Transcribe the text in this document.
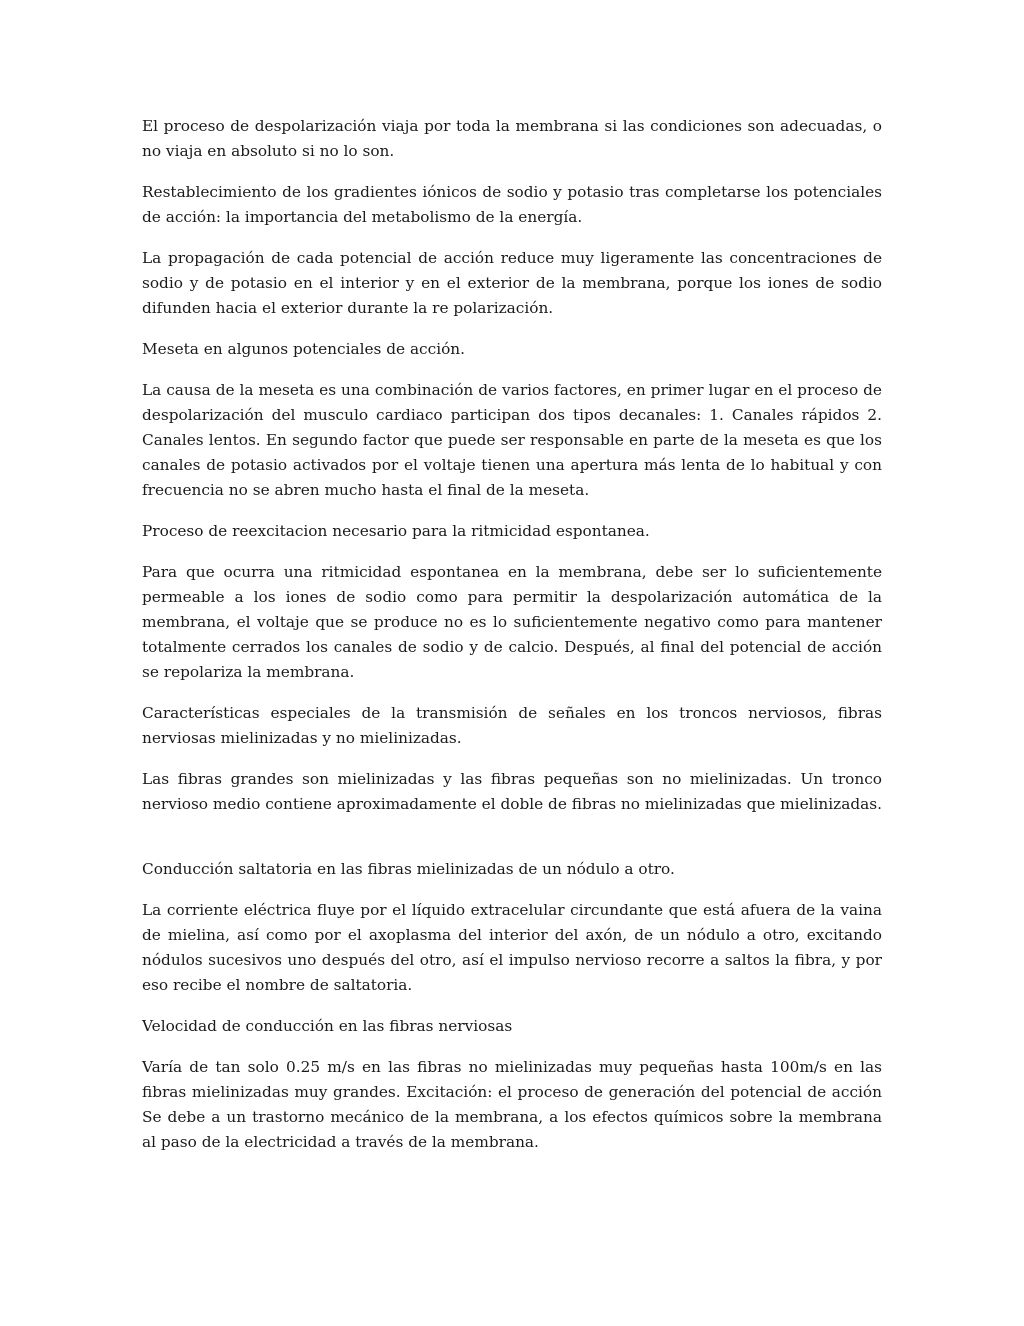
El proceso de despolarización viaja por toda la membrana si las condiciones son adecuadas, o no viaja en absoluto si no lo son.

Restablecimiento de los gradientes iónicos de sodio y potasio tras completarse los potenciales de acción: la importancia del metabolismo de la energía.

La propagación de cada potencial de acción reduce muy ligeramente las concentraciones de sodio y de potasio en el interior y en el exterior de la membrana, porque los iones de sodio difunden hacia el exterior durante la re polarización.

Meseta en algunos potenciales de acción.

La causa de la meseta es una combinación de varios factores, en primer lugar en el proceso de despolarización del musculo cardiaco participan dos tipos decanales: 1. Canales rápidos 2. Canales lentos. En segundo factor que puede ser responsable en parte de la meseta es que los canales de potasio activados por el voltaje tienen una apertura más lenta de lo habitual y con frecuencia no se abren mucho hasta el final de la meseta.

Proceso de reexcitacion necesario para la ritmicidad espontanea.

Para que ocurra una ritmicidad espontanea en la membrana, debe ser lo suficientemente permeable a los iones de sodio como para permitir la despolarización automática de la membrana, el voltaje que se produce no es lo suficientemente negativo como para mantener totalmente cerrados los canales de sodio y de calcio. Después, al final del potencial de acción se repolariza la membrana.

Características especiales de la transmisión de señales en los troncos nerviosos, fibras nerviosas mielinizadas y no mielinizadas.

Las fibras grandes son mielinizadas y las fibras pequeñas son no mielinizadas. Un tronco nervioso medio contiene aproximadamente el doble de fibras no mielinizadas que mielinizadas.

Conducción saltatoria en las fibras mielinizadas de un nódulo a otro.

La corriente eléctrica fluye por el líquido extracelular circundante que está afuera de la vaina de mielina, así como por el axoplasma del interior del axón, de un nódulo a otro, excitando nódulos sucesivos uno después del otro, así el impulso nervioso recorre a saltos la fibra, y por eso recibe el nombre de saltatoria.

Velocidad de conducción en las fibras nerviosas

Varía de tan solo 0.25 m/s en las fibras no mielinizadas muy pequeñas hasta 100m/s en las fibras mielinizadas muy grandes. Excitación: el proceso de generación del potencial de acción Se debe a un trastorno mecánico de la membrana, a los efectos químicos sobre la membrana al paso de la electricidad a través de la membrana.
